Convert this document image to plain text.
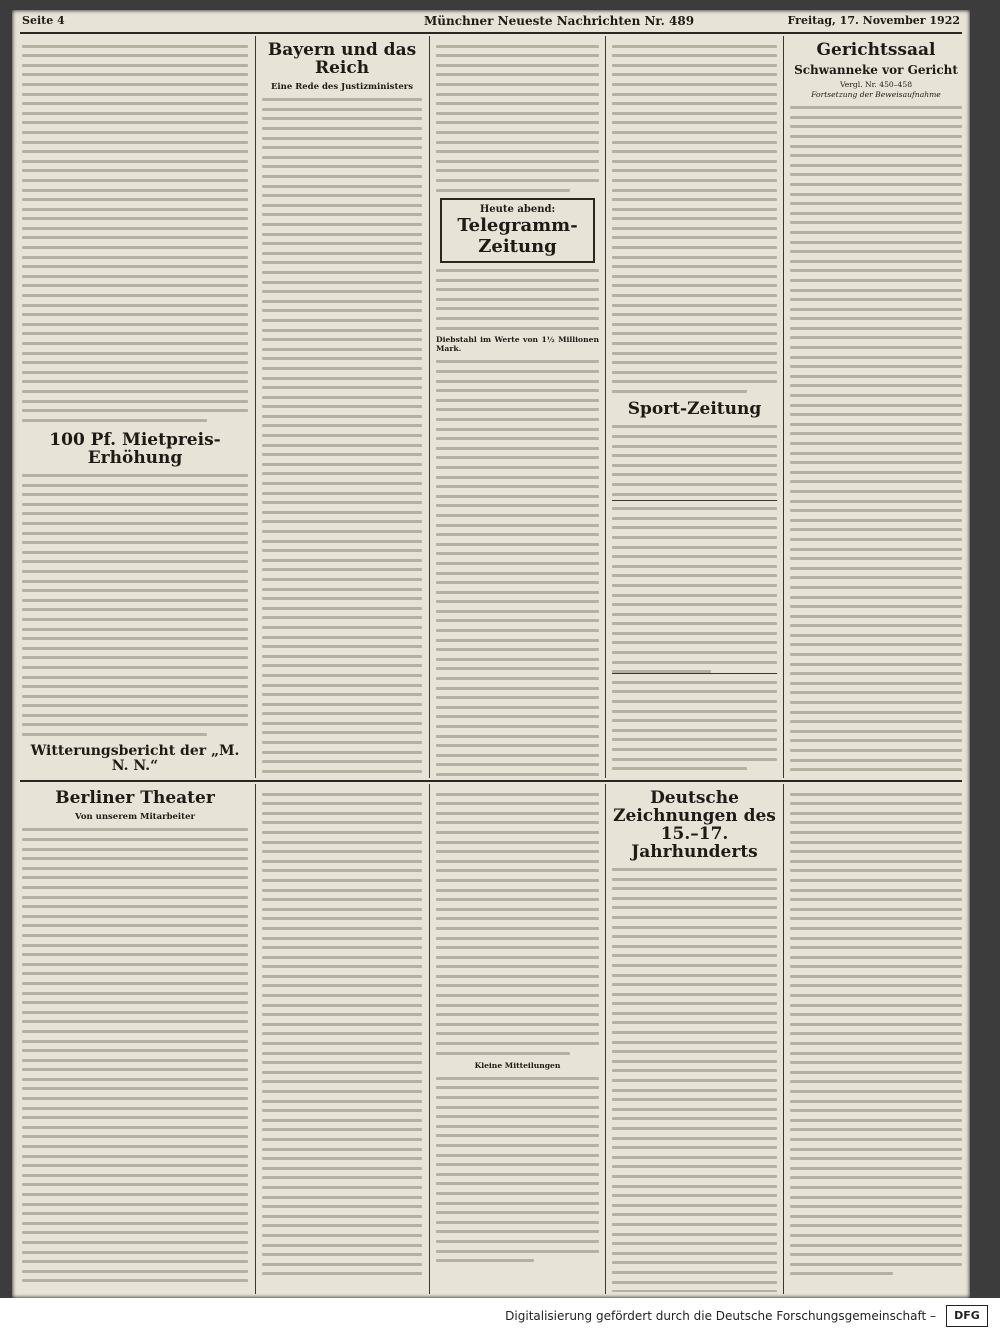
Seite 4	Münchner Neueste Nachrichten Nr. 489	Freitag, 17. November 1922
100 Pf. Mietpreis-Erhöhung
Witterungsbericht der „M. N. N.“
Bayern und das Reich
Eine Rede des Justizministers
Heute abend:
Telegramm-Zeitung
Diebstahl im Werte von 1½ Millionen Mark.
Sport-Zeitung
Gerichtssaal
Schwanneke vor Gericht
Vergl. Nr. 450–458
Fortsetzung der Beweisaufnahme
Berliner Theater
Von unserem Mitarbeiter
Kleine Mitteilungen
Deutsche Zeichnungen des 15.–17. Jahrhunderts
Digitalisierung gefördert durch die Deutsche Forschungsgemeinschaft –	DFG
